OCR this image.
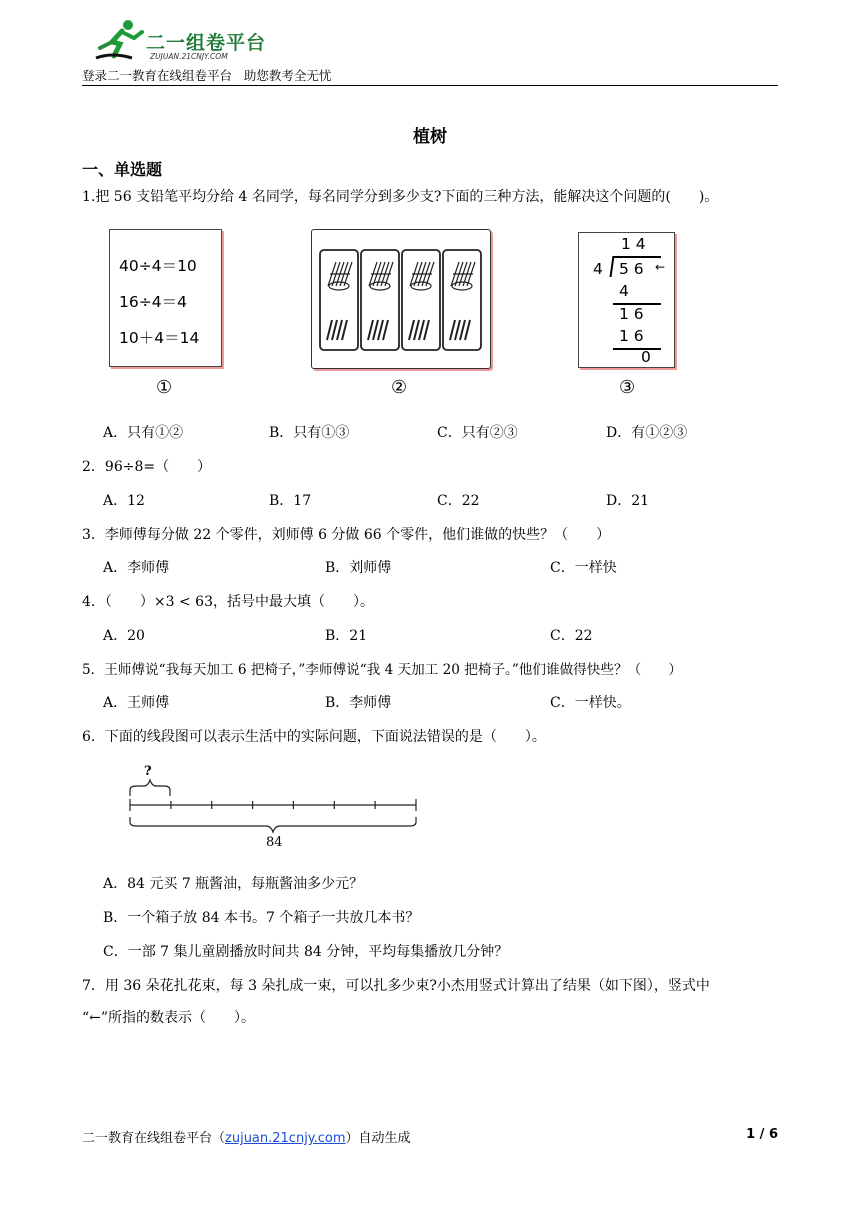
二一组卷平台
ZUJUAN.21CNJY.COM
登录二一教育在线组卷平台   助您教考全无忧
植树
一、单选题
1.把 56 支铅笔平均分给 4 名同学，每名同学分到多少支?下面的三种方法，能解决这个问题的(　　)。
40÷4＝10
16÷4＝4
10＋4＝14
①	②
1 4
4 5 6 ←
4
1 6
1 6
0
③
A．只有①②	B．只有①③	C．只有②③	D．有①②③
2．96÷8=（　　）
A．12	B．17	C．22	D．21
3．李师傅每分做 22 个零件，刘师傅 6 分做 66 个零件，他们谁做的快些？（　　）
A．李师傅	B．刘师傅	C．一样快
4．（　　）×3 < 63，括号中最大填（　　）。
A．20	B．21	C．22
5．王师傅说“我每天加工 6 把椅子，”李师傅说“我 4 天加工 20 把椅子。”他们谁做得快些？（　　）
A．王师傅	B．李师傅	C．一样快。
6．下面的线段图可以表示生活中的实际问题，下面说法错误的是（　　）。
?
84
A．84 元买 7 瓶酱油，每瓶酱油多少元？
B．一个箱子放 84 本书。7 个箱子一共放几本书？
C．一部 7 集儿童剧播放时间共 84 分钟，平均每集播放几分钟？
7．用 36 朵花扎花束，每 3 朵扎成一束，可以扎多少束?小杰用竖式计算出了结果（如下图），竖式中
“←”所指的数表示（　　）。
二一教育在线组卷平台（zujuan.21cnjy.com）自动生成	1 / 6
